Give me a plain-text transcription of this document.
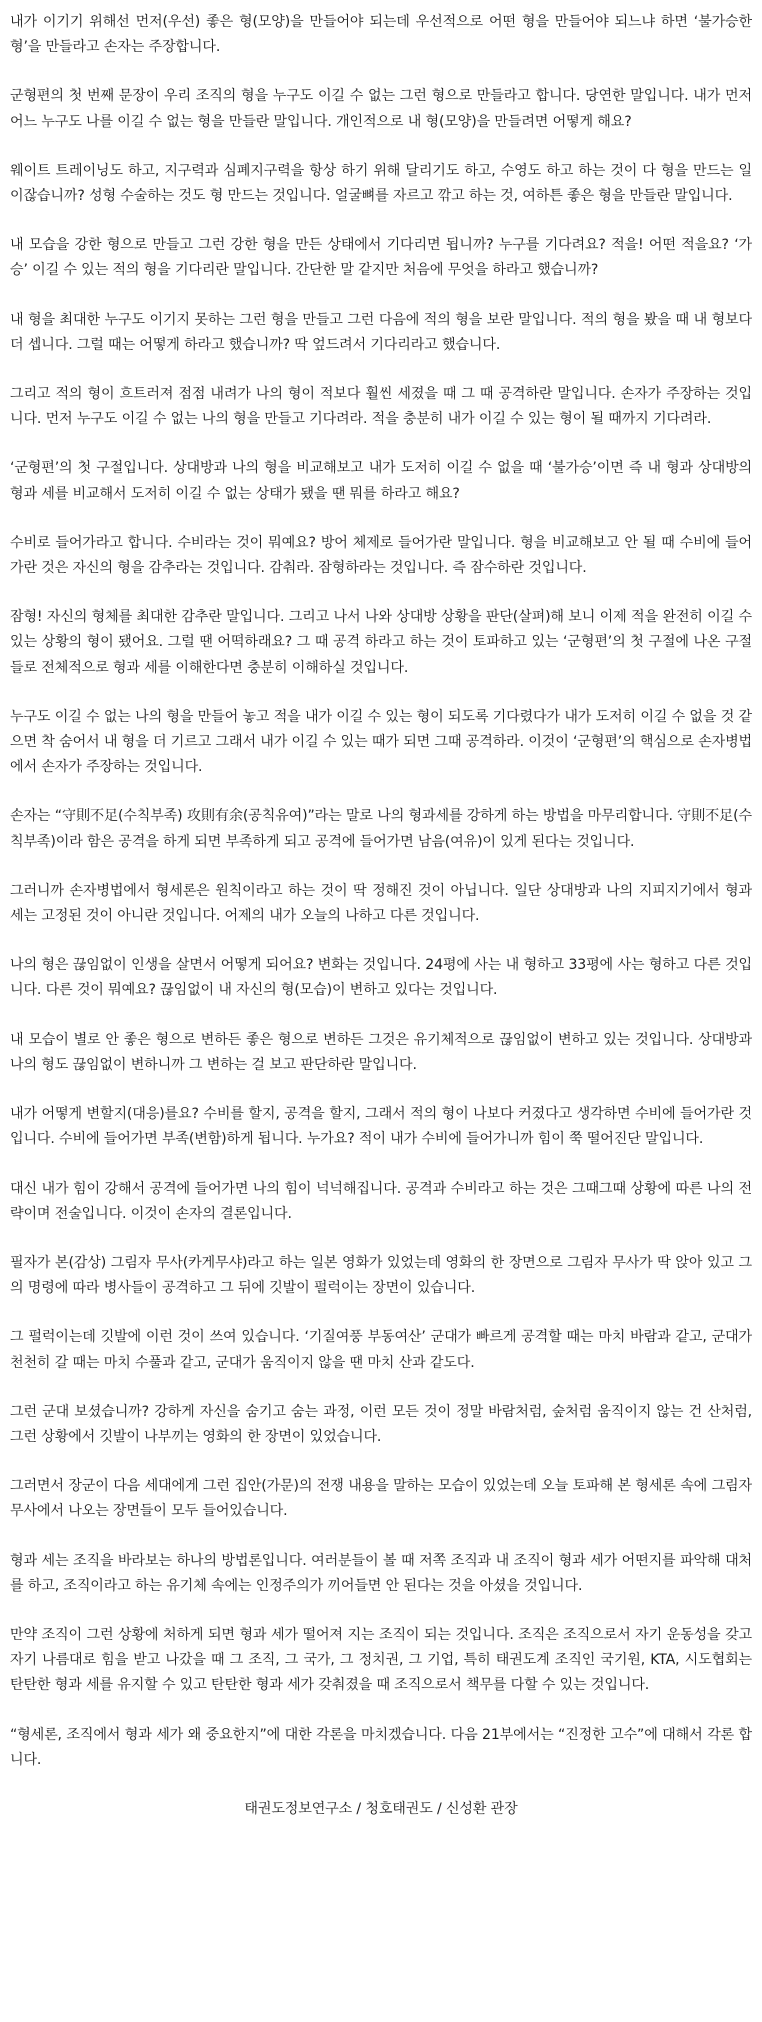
내가 이기기 위해선 먼저(우선) 좋은 형(모양)을 만들어야 되는데 우선적으로 어떤 형을 만들어야 되느냐 하면 ‘불가승한 형’을 만들라고 손자는 주장합니다.

군형편의 첫 번째 문장이 우리 조직의 형을 누구도 이길 수 없는 그런 형으로 만들라고 합니다. 당연한 말입니다. 내가 먼저 어느 누구도 나를 이길 수 없는 형을 만들란 말입니다. 개인적으로 내 형(모양)을 만들려면 어떻게 해요?

웨이트 트레이닝도 하고, 지구력과 심폐지구력을 항상 하기 위해 달리기도 하고, 수영도 하고 하는 것이 다 형을 만드는 일이잖습니까? 성형 수술하는 것도 형 만드는 것입니다. 얼굴뼈를 자르고 깎고 하는 것, 여하튼 좋은 형을 만들란 말입니다.

내 모습을 강한 형으로 만들고 그런 강한 형을 만든 상태에서 기다리면 됩니까? 누구를 기다려요? 적을! 어떤 적을요? ‘가승’ 이길 수 있는 적의 형을 기다리란 말입니다. 간단한 말 같지만 처음에 무엇을 하라고 했습니까?

내 형을 최대한 누구도 이기지 못하는 그런 형을 만들고 그런 다음에 적의 형을 보란 말입니다. 적의 형을 봤을 때 내 형보다 더 셉니다. 그럴 때는 어떻게 하라고 했습니까? 딱 엎드려서 기다리라고 했습니다.

그리고 적의 형이 흐트러져 점점 내려가 나의 형이 적보다 훨씬 세졌을 때 그 때 공격하란 말입니다. 손자가 주장하는 것입니다. 먼저 누구도 이길 수 없는 나의 형을 만들고 기다려라. 적을 충분히 내가 이길 수 있는 형이 될 때까지 기다려라.

‘군형편’의 첫 구절입니다. 상대방과 나의 형을 비교해보고 내가 도저히 이길 수 없을 때 ‘불가승’이면 즉 내 형과 상대방의 형과 세를 비교해서 도저히 이길 수 없는 상태가 됐을 땐 뭐를 하라고 해요?

수비로 들어가라고 합니다. 수비라는 것이 뭐예요? 방어 체제로 들어가란 말입니다. 형을 비교해보고 안 될 때 수비에 들어가란 것은 자신의 형을 감추라는 것입니다. 감춰라. 잠형하라는 것입니다. 즉 잠수하란 것입니다.

잠형! 자신의 형체를 최대한 감추란 말입니다. 그리고 나서 나와 상대방 상황을 판단(살펴)해 보니 이제 적을 완전히 이길 수 있는 상황의 형이 됐어요. 그럴 땐 어떡하래요? 그 때 공격 하라고 하는 것이 토파하고 있는 ‘군형편’의 첫 구절에 나온 구절들로 전체적으로 형과 세를 이해한다면 충분히 이해하실 것입니다.

누구도 이길 수 없는 나의 형을 만들어 놓고 적을 내가 이길 수 있는 형이 되도록 기다렸다가 내가 도저히 이길 수 없을 것 같으면 착 숨어서 내 형을 더 기르고 그래서 내가 이길 수 있는 때가 되면 그때 공격하라. 이것이 ‘군형편’의 핵심으로 손자병법에서 손자가 주장하는 것입니다.

손자는 “守則不足(수칙부족) 攻則有余(공칙유여)”라는 말로 나의 형과세를 강하게 하는 방법을 마무리합니다. 守則不足(수칙부족)이라 함은 공격을 하게 되면 부족하게 되고 공격에 들어가면 남음(여유)이 있게 된다는 것입니다.

그러니까 손자병법에서 형세론은 원칙이라고 하는 것이 딱 정해진 것이 아닙니다. 일단 상대방과 나의 지피지기에서 형과 세는 고정된 것이 아니란 것입니다. 어제의 내가 오늘의 나하고 다른 것입니다.

나의 형은 끊임없이 인생을 살면서 어떻게 되어요? 변화는 것입니다. 24평에 사는 내 형하고 33평에 사는 형하고 다른 것입니다. 다른 것이 뭐예요? 끊임없이 내 자신의 형(모습)이 변하고 있다는 것입니다.

내 모습이 별로 안 좋은 형으로 변하든 좋은 형으로 변하든 그것은 유기체적으로 끊임없이 변하고 있는 것입니다. 상대방과 나의 형도 끊임없이 변하니까 그 변하는 걸 보고 판단하란 말입니다.

내가 어떻게 변할지(대응)를요? 수비를 할지, 공격을 할지, 그래서 적의 형이 나보다 커졌다고 생각하면 수비에 들어가란 것입니다. 수비에 들어가면 부족(변함)하게 됩니다. 누가요? 적이 내가 수비에 들어가니까 힘이 쭉 떨어진단 말입니다.

대신 내가 힘이 강해서 공격에 들어가면 나의 힘이 넉넉해집니다. 공격과 수비라고 하는 것은 그때그때 상황에 따른 나의 전략이며 전술입니다. 이것이 손자의 결론입니다.

필자가 본(감상) 그림자 무사(카게무샤)라고 하는 일본 영화가 있었는데 영화의 한 장면으로 그림자 무사가 딱 앉아 있고 그의 명령에 따라 병사들이 공격하고 그 뒤에 깃발이 펄럭이는 장면이 있습니다.

그 펄럭이는데 깃발에 이런 것이 쓰여 있습니다. ‘기질여풍 부동여산’ 군대가 빠르게 공격할 때는 마치 바람과 같고, 군대가 천천히 갈 때는 마치 수풀과 같고, 군대가 움직이지 않을 땐 마치 산과 같도다.

그런 군대 보셨습니까? 강하게 자신을 숨기고 숨는 과정, 이런 모든 것이 정말 바람처럼, 숲처럼 움직이지 않는 건 산처럼, 그런 상황에서 깃발이 나부끼는 영화의 한 장면이 있었습니다.

그러면서 장군이 다음 세대에게 그런 집안(가문)의 전쟁 내용을 말하는 모습이 있었는데 오늘 토파해 본 형세론 속에 그림자 무사에서 나오는 장면들이 모두 들어있습니다.

형과 세는 조직을 바라보는 하나의 방법론입니다. 여러분들이 볼 때 저쪽 조직과 내 조직이 형과 세가 어떤지를 파악해 대처를 하고, 조직이라고 하는 유기체 속에는 인정주의가 끼어들면 안 된다는 것을 아셨을 것입니다.

만약 조직이 그런 상황에 처하게 되면 형과 세가 떨어져 지는 조직이 되는 것입니다. 조직은 조직으로서 자기 운동성을 갖고 자기 나름대로 힘을 받고 나갔을 때 그 조직, 그 국가, 그 정치권, 그 기업, 특히 태권도계 조직인 국기원, KTA, 시도협회는 탄탄한 형과 세를 유지할 수 있고 탄탄한 형과 세가 갖춰졌을 때 조직으로서 책무를 다할 수 있는 것입니다.

“형세론, 조직에서 형과 세가 왜 중요한지”에 대한 각론을 마치겠습니다. 다음 21부에서는 “진정한 고수”에 대해서 각론 합니다.

태권도정보연구소 / 청호태권도 / 신성환 관장
